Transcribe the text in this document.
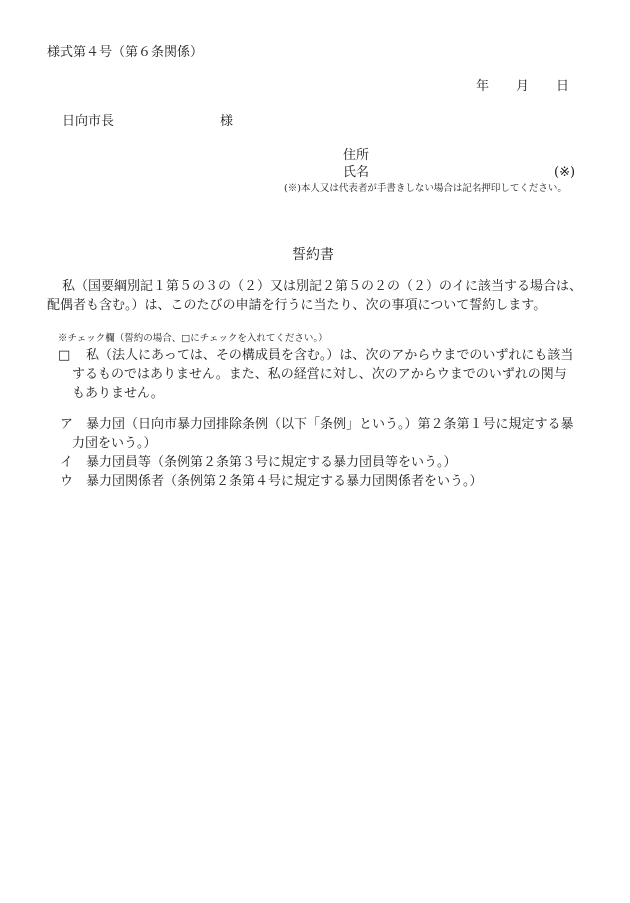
様式第４号（第６条関係）
年 月 日
日向市長	様
住所
氏名	(※)
(※)本人又は代表者が手書きしない場合は記名押印してください。
誓約書
私（国要綱別記１第５の３の（２）又は別記２第５の２の（２）のイに該当する場合は、
配偶者も含む。）は、このたびの申請を行うに当たり、次の事項について誓約します。
※チェック欄（誓約の場合、□にチェックを入れてください。）
□ 私（法人にあっては、その構成員を含む。）は、次のアからウまでのいずれにも該当
するものではありません。また、私の経営に対し、次のアからウまでのいずれの関与
もありません。
ア 暴力団（日向市暴力団排除条例（以下「条例」という。）第２条第１号に規定する暴
力団をいう。）
イ 暴力団員等（条例第２条第３号に規定する暴力団員等をいう。）
ウ 暴力団関係者（条例第２条第４号に規定する暴力団関係者をいう。）
